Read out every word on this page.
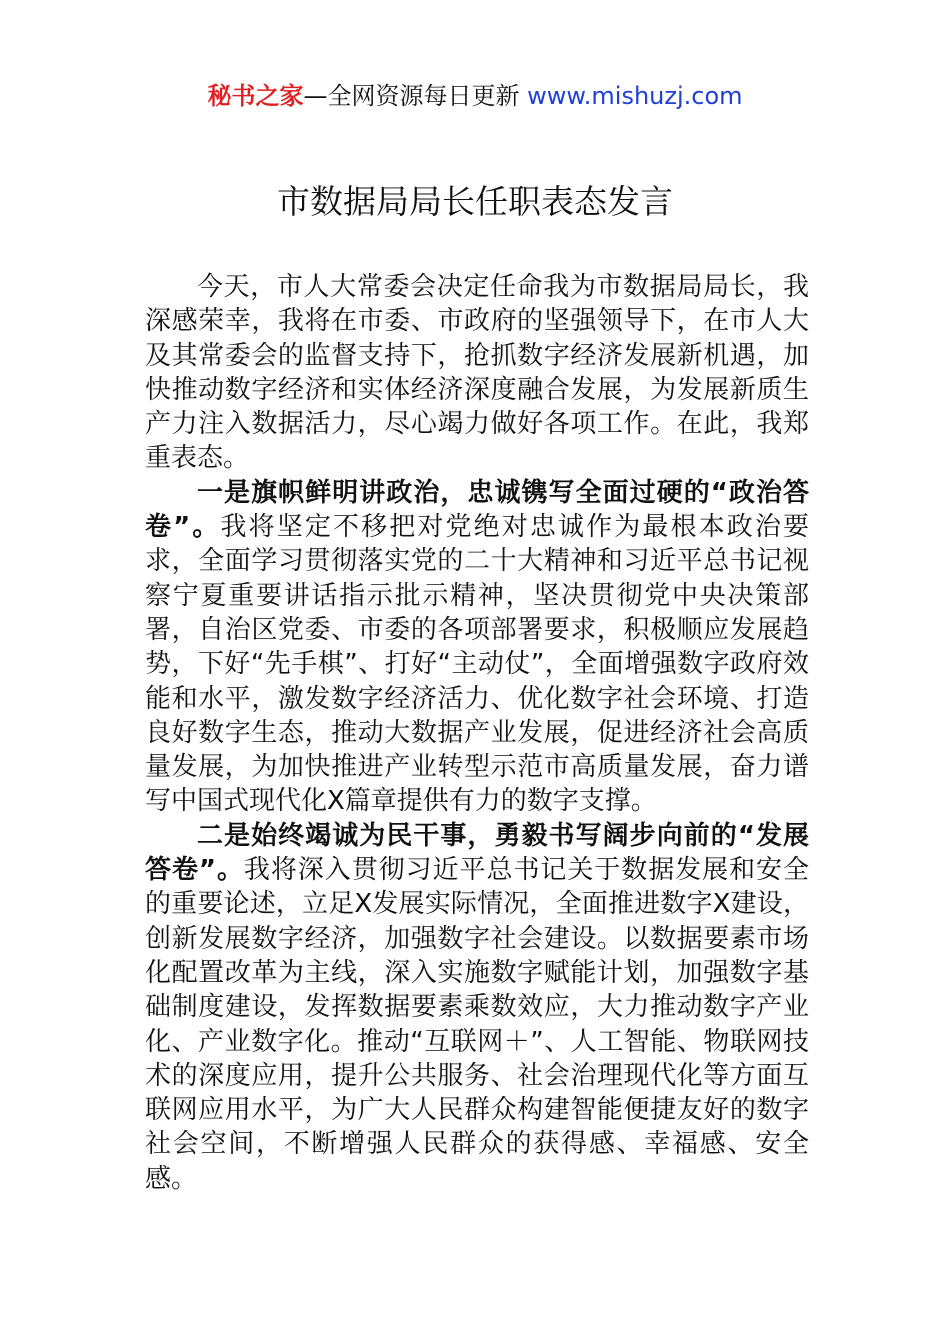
秘书之家—全网资源每日更新 www.mishuzj.com
市数据局局长任职表态发言

今天，市人大常委会决定任命我为市数据局局长，我深感荣幸，我将在市委、市政府的坚强领导下，在市人大及其常委会的监督支持下，抢抓数字经济发展新机遇，加快推动数字经济和实体经济深度融合发展，为发展新质生产力注入数据活力，尽心竭力做好各项工作。在此，我郑重表态。

一是旗帜鲜明讲政治，忠诚镌写全面过硬的“政治答卷”。我将坚定不移把对党绝对忠诚作为最根本政治要求，全面学习贯彻落实党的二十大精神和习近平总书记视察宁夏重要讲话指示批示精神，坚决贯彻党中央决策部署，自治区党委、市委的各项部署要求，积极顺应发展趋势，下好“先手棋”、打好“主动仗”，全面增强数字政府效能和水平，激发数字经济活力、优化数字社会环境、打造良好数字生态，推动大数据产业发展，促进经济社会高质量发展，为加快推进产业转型示范市高质量发展，奋力谱写中国式现代化X篇章提供有力的数字支撑。

二是始终竭诚为民干事，勇毅书写阔步向前的“发展答卷”。我将深入贯彻习近平总书记关于数据发展和安全的重要论述，立足X发展实际情况，全面推进数字X建设，创新发展数字经济，加强数字社会建设。以数据要素市场化配置改革为主线，深入实施数字赋能计划，加强数字基础制度建设，发挥数据要素乘数效应，大力推动数字产业化、产业数字化。推动“互联网＋”、人工智能、物联网技术的深度应用，提升公共服务、社会治理现代化等方面互联网应用水平，为广大人民群众构建智能便捷友好的数字社会空间，不断增强人民群众的获得感、幸福感、安全感。
